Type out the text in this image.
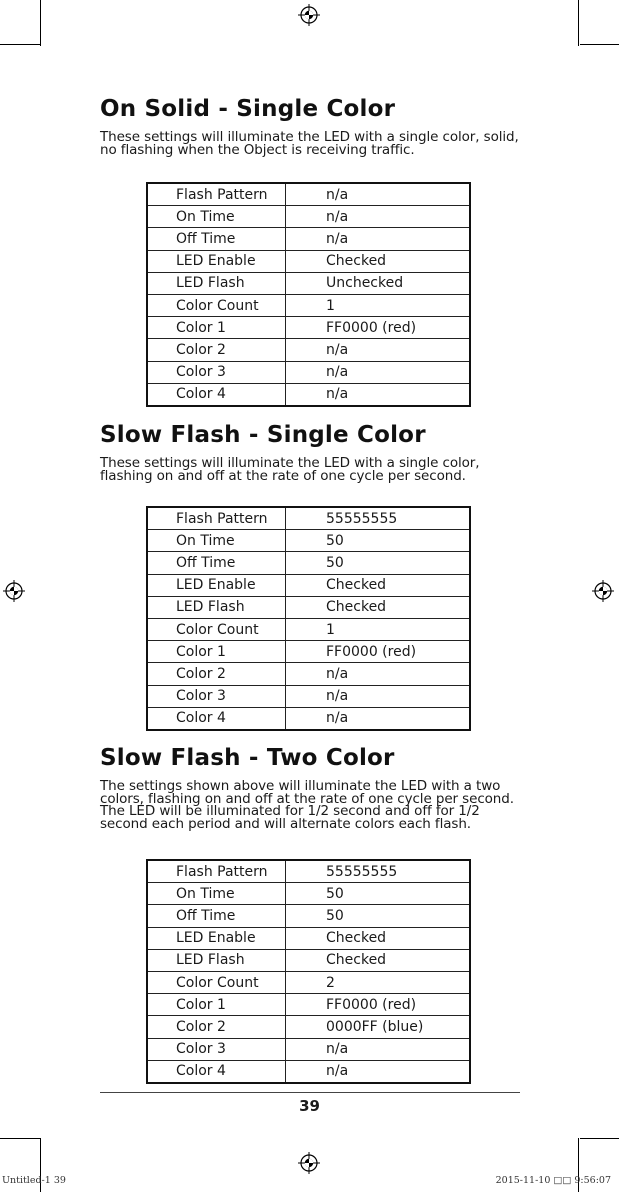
On Solid - Single Color

These settings will illuminate the LED with a single color, solid, no flashing when the Object is receiving traffic.

Flash Pattern	n/a
On Time	n/a
Off Time	n/a
LED Enable	Checked
LED Flash	Unchecked
Color Count	1
Color 1	FF0000 (red)
Color 2	n/a
Color 3	n/a
Color 4	n/a
Slow Flash - Single Color

These settings will illuminate the LED with a single color, flashing on and off at the rate of one cycle per second.

Flash Pattern	55555555
On Time	50
Off Time	50
LED Enable	Checked
LED Flash	Checked
Color Count	1
Color 1	FF0000 (red)
Color 2	n/a
Color 3	n/a
Color 4	n/a
Slow Flash - Two Color

The settings shown above will illuminate the LED with a two colors, flashing on and off at the rate of one cycle per second. The LED will be illuminated for 1/2 second and off for 1/2 second each period and will alternate colors each flash.

Flash Pattern	55555555
On Time	50
Off Time	50
LED Enable	Checked
LED Flash	Checked
Color Count	2
Color 1	FF0000 (red)
Color 2	0000FF (blue)
Color 3	n/a
Color 4	n/a
39
Untitled-1 39	2015-11-10 □□ 9:56:07
